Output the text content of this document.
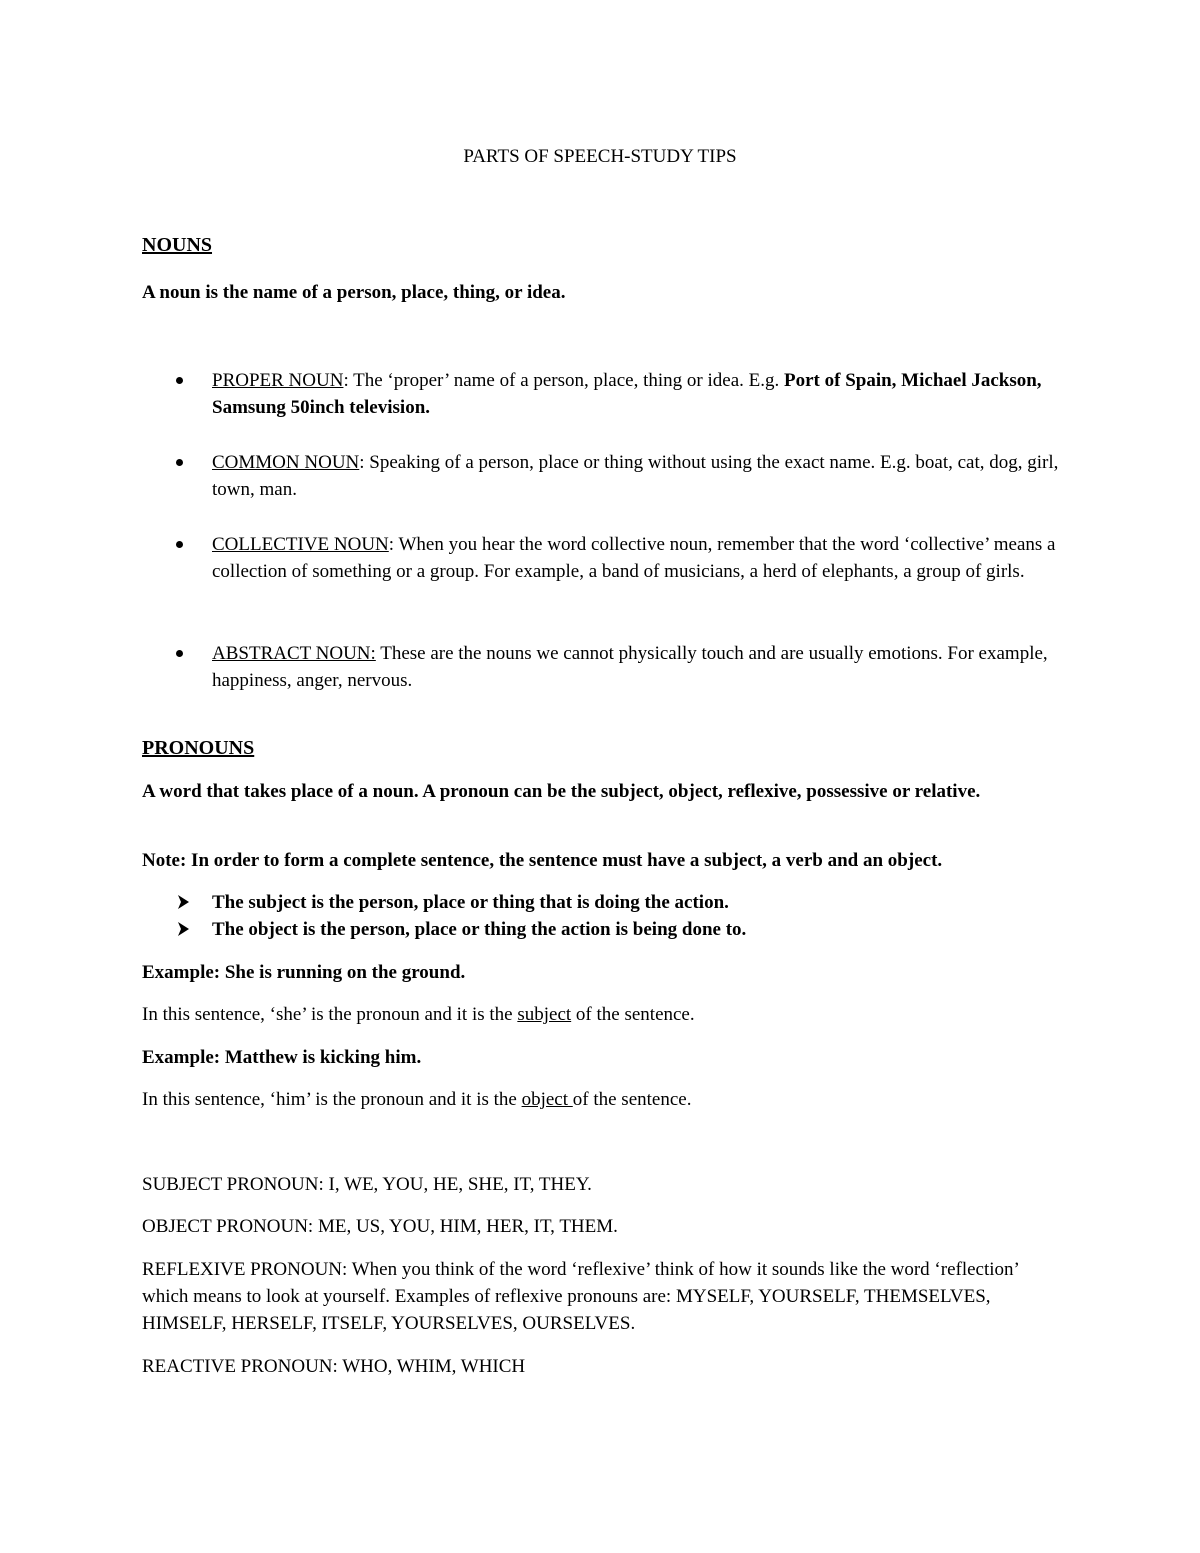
PARTS OF SPEECH-STUDY TIPS

NOUNS

A noun is the name of a person, place, thing, or idea.

PROPER NOUN: The ‘proper’ name of a person, place, thing or idea. E.g. Port of Spain, Michael Jackson, Samsung 50inch television.

COMMON NOUN: Speaking of a person, place or thing without using the exact name. E.g. boat, cat, dog, girl, town, man.

COLLECTIVE NOUN: When you hear the word collective noun, remember that the word ‘collective’ means a collection of something or a group. For example, a band of musicians, a herd of elephants, a group of girls.

ABSTRACT NOUN: These are the nouns we cannot physically touch and are usually emotions. For example, happiness, anger, nervous.

PRONOUNS

A word that takes place of a noun. A pronoun can be the subject, object, reflexive, possessive or relative.

Note: In order to form a complete sentence, the sentence must have a subject, a verb and an object.

The subject is the person, place or thing that is doing the action.

The object is the person, place or thing the action is being done to.

Example: She is running on the ground.

In this sentence, ‘she’ is the pronoun and it is the subject of the sentence.

Example: Matthew is kicking him.

In this sentence, ‘him’ is the pronoun and it is the object of the sentence.

SUBJECT PRONOUN: I, WE, YOU, HE, SHE, IT, THEY.

OBJECT PRONOUN: ME, US, YOU, HIM, HER, IT, THEM.

REFLEXIVE PRONOUN: When you think of the word ‘reflexive’ think of how it sounds like the word ‘reflection’ which means to look at yourself. Examples of reflexive pronouns are: MYSELF, YOURSELF, THEMSELVES, HIMSELF, HERSELF, ITSELF, YOURSELVES, OURSELVES.

REACTIVE PRONOUN: WHO, WHIM, WHICH
